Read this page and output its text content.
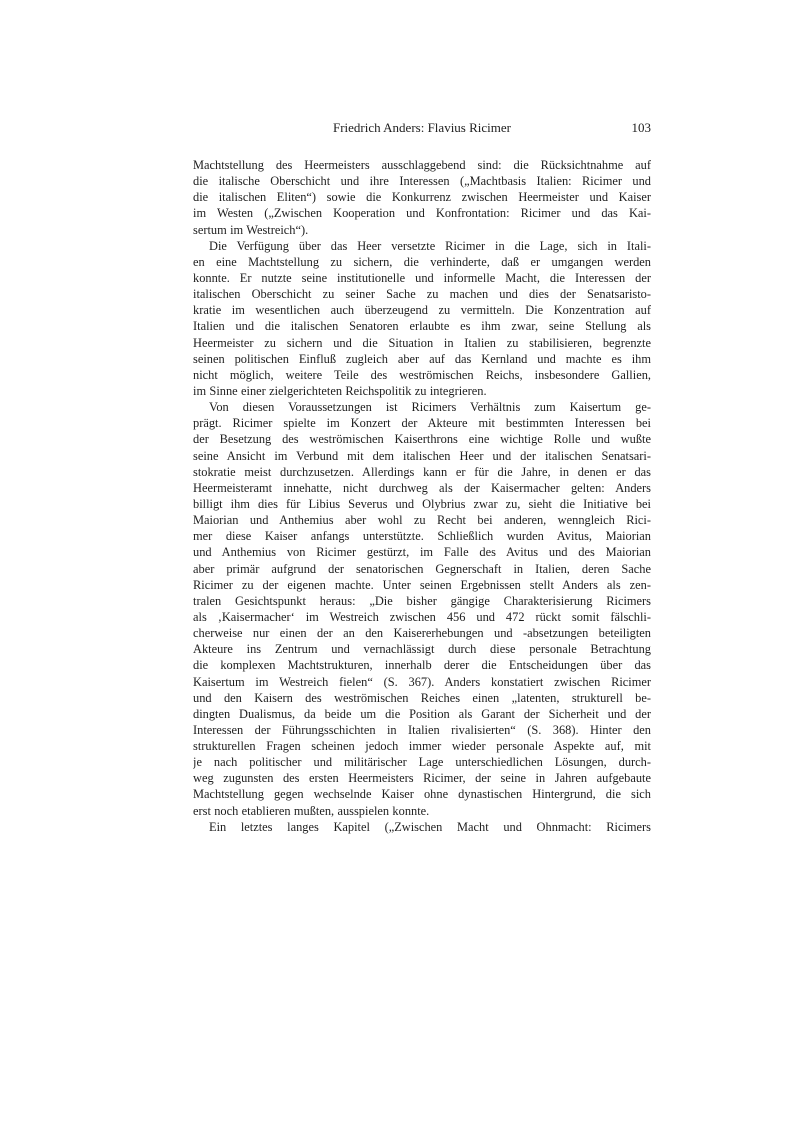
Friedrich Anders: Flavius Ricimer	103
Machtstellung des Heermeisters ausschlaggebend sind: die Rücksichtnahme auf
die italische Oberschicht und ihre Interessen („Machtbasis Italien: Ricimer und
die italischen Eliten“) sowie die Konkurrenz zwischen Heermeister und Kaiser
im Westen („Zwischen Kooperation und Konfrontation: Ricimer und das Kai-
sertum im Westreich“).
Die Verfügung über das Heer versetzte Ricimer in die Lage, sich in Itali-
en eine Machtstellung zu sichern, die verhinderte, daß er umgangen werden
konnte. Er nutzte seine institutionelle und informelle Macht, die Interessen der
italischen Oberschicht zu seiner Sache zu machen und dies der Senatsaristo-
kratie im wesentlichen auch überzeugend zu vermitteln. Die Konzentration auf
Italien und die italischen Senatoren erlaubte es ihm zwar, seine Stellung als
Heermeister zu sichern und die Situation in Italien zu stabilisieren, begrenzte
seinen politischen Einfluß zugleich aber auf das Kernland und machte es ihm
nicht möglich, weitere Teile des weströmischen Reichs, insbesondere Gallien,
im Sinne einer zielgerichteten Reichspolitik zu integrieren.
Von diesen Voraussetzungen ist Ricimers Verhältnis zum Kaisertum ge-
prägt. Ricimer spielte im Konzert der Akteure mit bestimmten Interessen bei
der Besetzung des weströmischen Kaiserthrons eine wichtige Rolle und wußte
seine Ansicht im Verbund mit dem italischen Heer und der italischen Senatsari-
stokratie meist durchzusetzen. Allerdings kann er für die Jahre, in denen er das
Heermeisteramt innehatte, nicht durchweg als der Kaisermacher gelten: Anders
billigt ihm dies für Libius Severus und Olybrius zwar zu, sieht die Initiative bei
Maiorian und Anthemius aber wohl zu Recht bei anderen, wenngleich Rici-
mer diese Kaiser anfangs unterstützte. Schließlich wurden Avitus, Maiorian
und Anthemius von Ricimer gestürzt, im Falle des Avitus und des Maiorian
aber primär aufgrund der senatorischen Gegnerschaft in Italien, deren Sache
Ricimer zu der eigenen machte. Unter seinen Ergebnissen stellt Anders als zen-
tralen Gesichtspunkt heraus: „Die bisher gängige Charakterisierung Ricimers
als ‚Kaisermacher‘ im Westreich zwischen 456 und 472 rückt somit fälschli-
cherweise nur einen der an den Kaisererhebungen und -absetzungen beteiligten
Akteure ins Zentrum und vernachlässigt durch diese personale Betrachtung
die komplexen Machtstrukturen, innerhalb derer die Entscheidungen über das
Kaisertum im Westreich fielen“ (S. 367). Anders konstatiert zwischen Ricimer
und den Kaisern des weströmischen Reiches einen „latenten, strukturell be-
dingten Dualismus, da beide um die Position als Garant der Sicherheit und der
Interessen der Führungsschichten in Italien rivalisierten“ (S. 368). Hinter den
strukturellen Fragen scheinen jedoch immer wieder personale Aspekte auf, mit
je nach politischer und militärischer Lage unterschiedlichen Lösungen, durch-
weg zugunsten des ersten Heermeisters Ricimer, der seine in Jahren aufgebaute
Machtstellung gegen wechselnde Kaiser ohne dynastischen Hintergrund, die sich
erst noch etablieren mußten, ausspielen konnte.
Ein letztes langes Kapitel („Zwischen Macht und Ohnmacht: Ricimers
